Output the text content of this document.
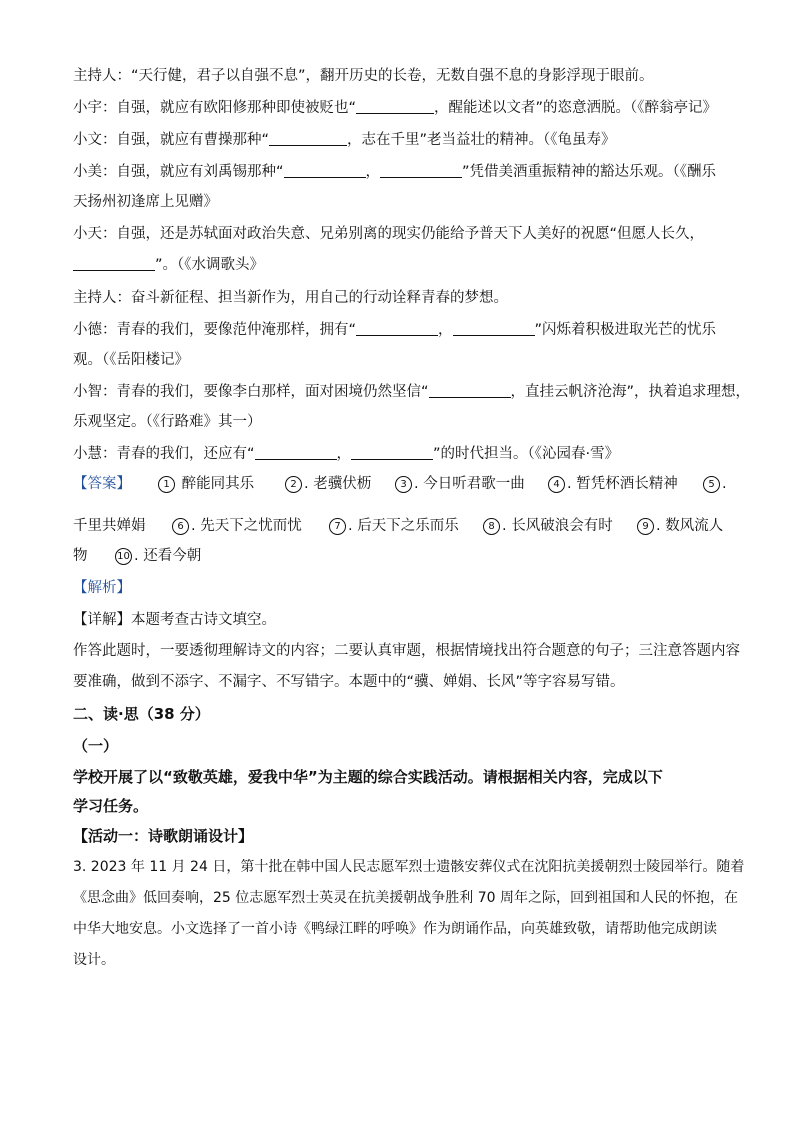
主持人：“天行健，君子以自强不息”，翻开历史的长卷，无数自强不息的身影浮现于眼前。
小宇：自强，就应有欧阳修那种即使被贬也“	，醒能述以文者”的恣意洒脱。（《醉翁亭记》
小文：自强，就应有曹操那种“	，志在千里”老当益壮的精神。（《龟虽寿》
小美：自强，就应有刘禹锡那种“	，	”凭借美酒重振精神的豁达乐观。（《酬乐
天扬州初逢席上见赠》
小天：自强，还是苏轼面对政治失意、兄弟别离的现实仍能给予普天下人美好的祝愿“但愿人长久，
”。（《水调歌头》
主持人：奋斗新征程、担当新作为，用自己的行动诠释青春的梦想。
小德：青春的我们，要像范仲淹那样，拥有“	，	”闪烁着积极进取光芒的忧乐
观。（《岳阳楼记》
小智：青春的我们，要像李白那样，面对困境仍然坚信“	，直挂云帆济沧海”，执着追求理想，
乐观坚定。（《行路难》其一）
小慧：青春的我们，还应有“	，	”的时代担当。（《沁园春·雪》
【答案】	1 醉能同其乐	2 . 老骥伏枥	3 . 今日听君歌一曲	4 . 暂凭杯酒长精神	5 .
千里共婵娟	6 . 先天下之忧而忧	7 . 后天下之乐而乐	8 . 长风破浪会有时	9 . 数风流人
物	10 . 还看今朝
【解析】
【详解】本题考查古诗文填空。
作答此题时，一要透彻理解诗文的内容；二要认真审题，根据情境找出符合题意的句子；三注意答题内容
要准确，做到不添字、不漏字、不写错字。本题中的“骥、婵娟、长风”等字容易写错。
二、读·思（38 分）
（一）
学校开展了以“致敬英雄，爱我中华”为主题的综合实践活动。请根据相关内容，完成以下
学习任务。
【活动一：诗歌朗诵设计】
3. 2023 年 11 月 24 日，第十批在韩中国人民志愿军烈士遗骸安葬仪式在沈阳抗美援朝烈士陵园举行。随着
《思念曲》低回奏响，25 位志愿军烈士英灵在抗美援朝战争胜利 70 周年之际，回到祖国和人民的怀抱，在
中华大地安息。小文选择了一首小诗《鸭绿江畔的呼唤》作为朗诵作品，向英雄致敬，请帮助他完成朗读
设计。
